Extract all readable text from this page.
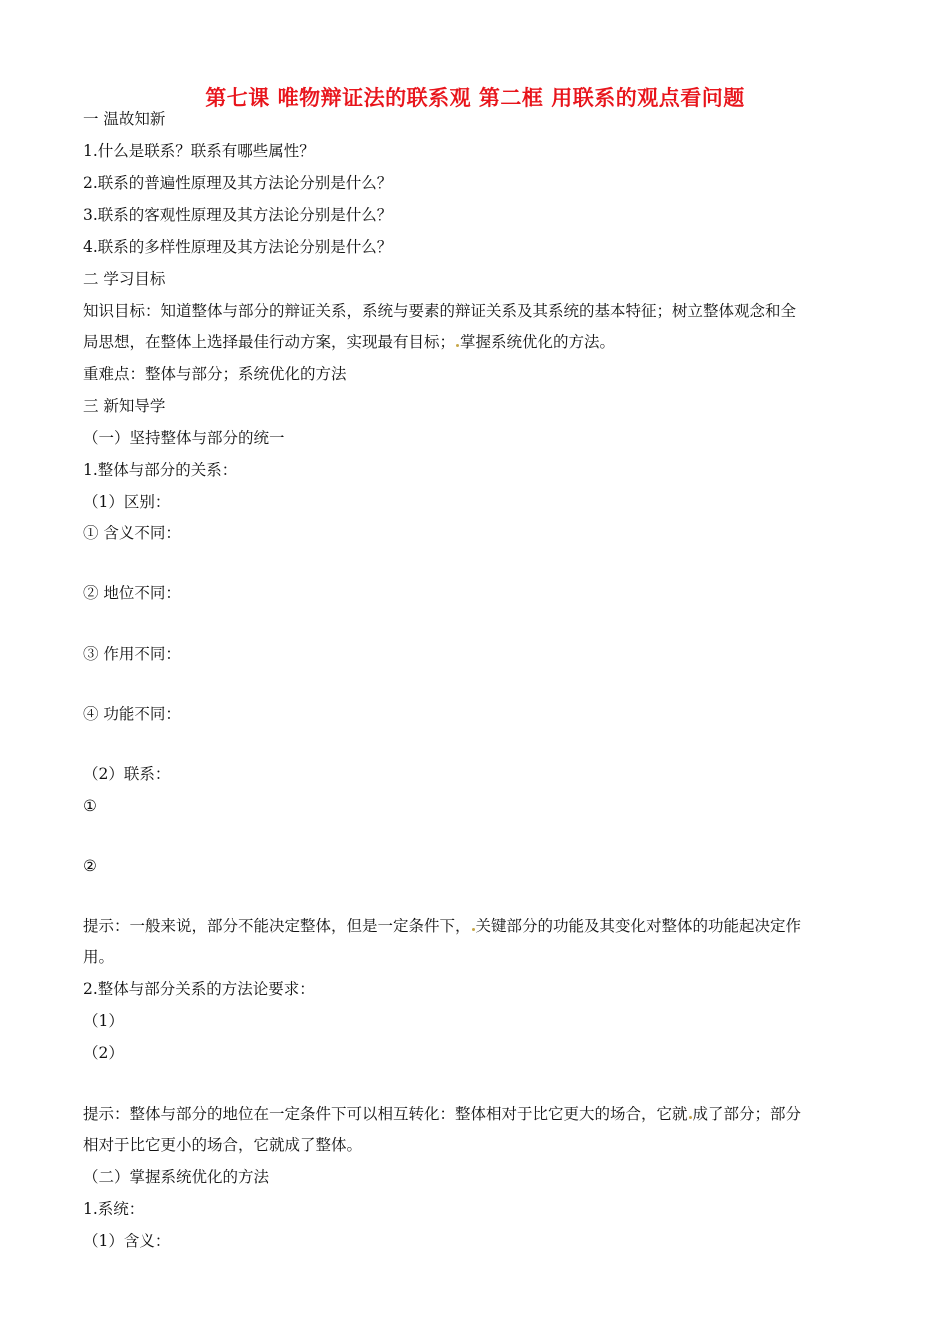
第七课 唯物辩证法的联系观 第二框 用联系的观点看问题
一 温故知新
1.什么是联系？联系有哪些属性？
2.联系的普遍性原理及其方法论分别是什么？
3.联系的客观性原理及其方法论分别是什么？
4.联系的多样性原理及其方法论分别是什么？
二 学习目标
知识目标：知道整体与部分的辩证关系，系统与要素的辩证关系及其系统的基本特征；树立整体观念和全
局思想，在整体上选择最佳行动方案，实现最有目标； 掌握系统优化的方法。
重难点：整体与部分；系统优化的方法
三 新知导学
（一）坚持整体与部分的统一
1.整体与部分的关系：
（1）区别：
① 含义不同：
② 地位不同：
③ 作用不同：
④ 功能不同：
（2）联系：
①
②
提示：一般来说，部分不能决定整体，但是一定条件下， 关键部分的功能及其变化对整体的功能起决定作
用。
2.整体与部分关系的方法论要求：
（1）
（2）
提示：整体与部分的地位在一定条件下可以相互转化：整体相对于比它更大的场合，它就 成了部分；部分
相对于比它更小的场合，它就成了整体。
（二）掌握系统优化的方法
1.系统：
（1）含义：
